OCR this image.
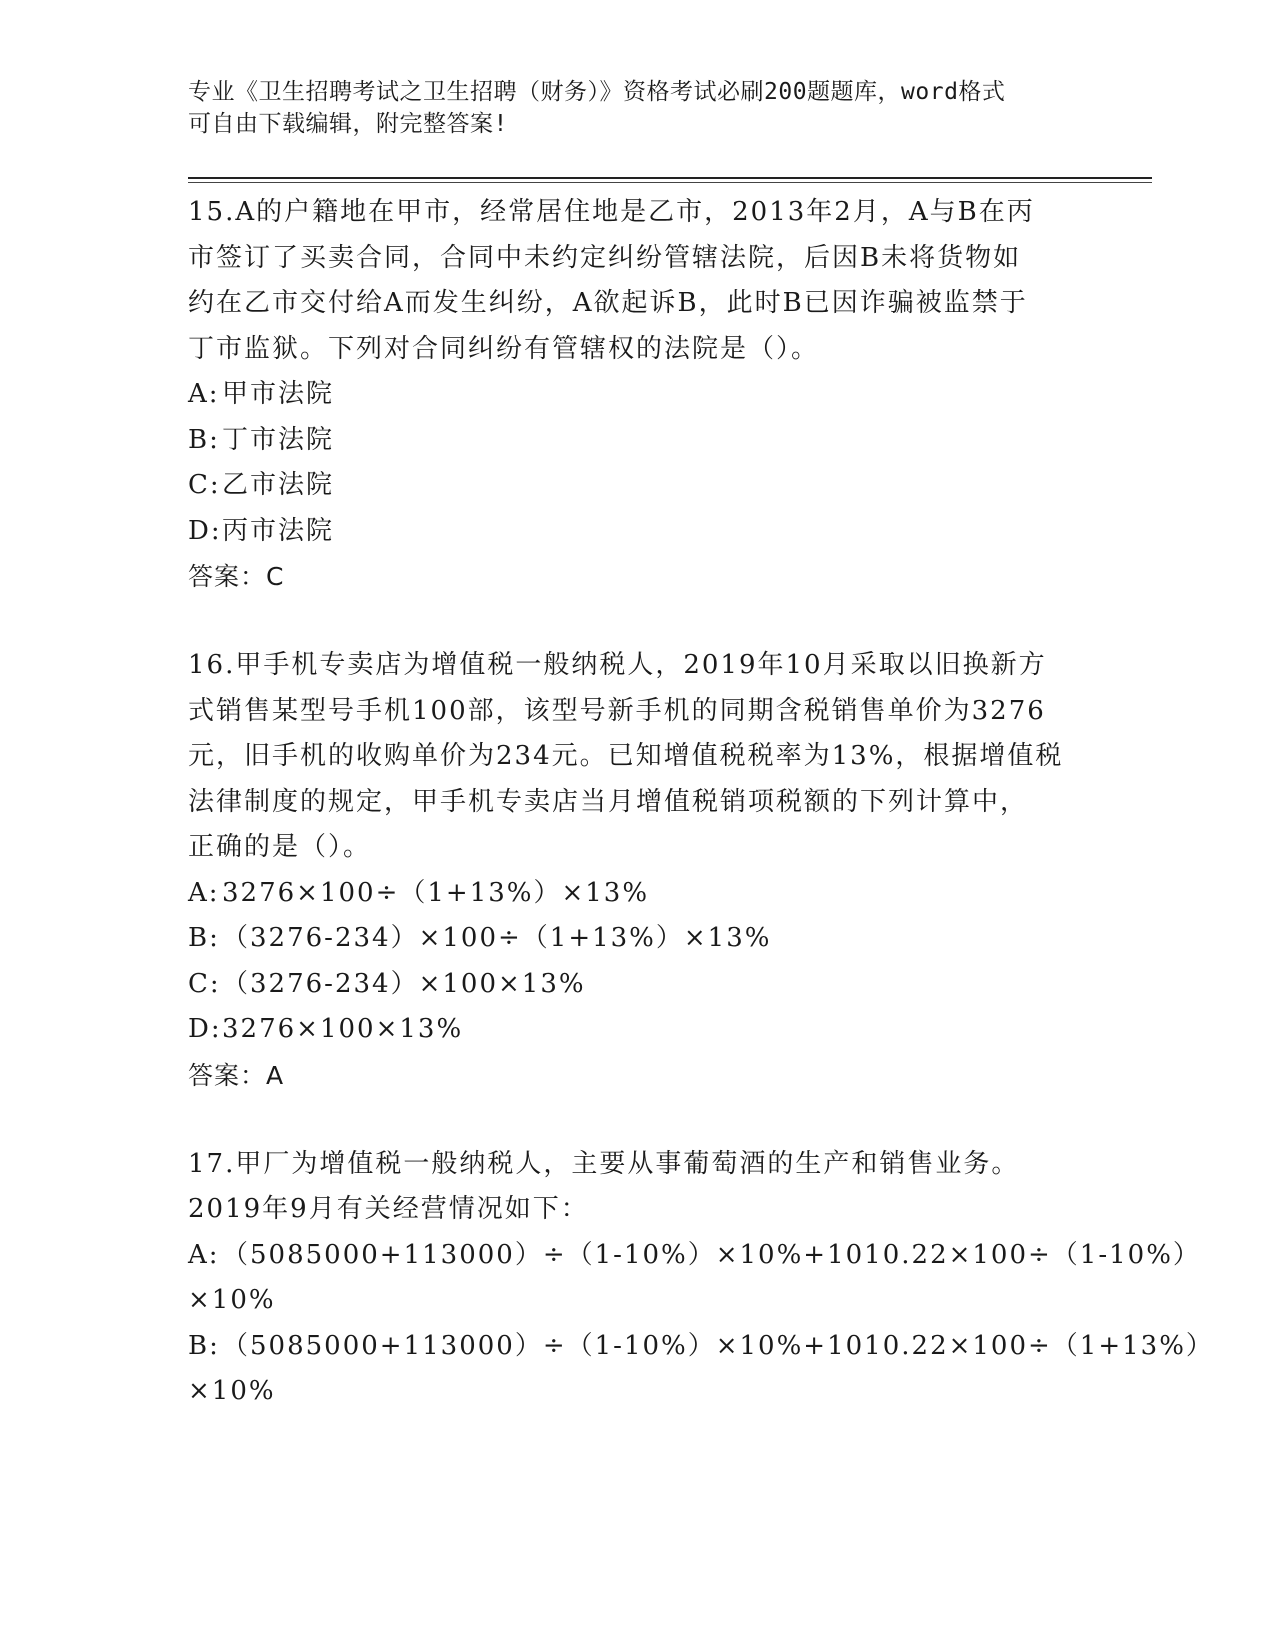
专业《卫生招聘考试之卫生招聘（财务）》资格考试必刷200题题库，word格式
可自由下载编辑，附完整答案!
15.A的户籍地在甲市，经常居住地是乙市，2013年2月，A与B在丙
市签订了买卖合同，合同中未约定纠纷管辖法院，后因B未将货物如
约在乙市交付给A而发生纠纷，A欲起诉B，此时B已因诈骗被监禁于
丁市监狱。下列对合同纠纷有管辖权的法院是（）。
A:甲市法院
B:丁市法院
C:乙市法院
D:丙市法院
答案：C
16.甲手机专卖店为增值税一般纳税人，2019年10月采取以旧换新方
式销售某型号手机100部，该型号新手机的同期含税销售单价为3276
元，旧手机的收购单价为234元。已知增值税税率为13%，根据增值税
法律制度的规定，甲手机专卖店当月增值税销项税额的下列计算中，
正确的是（）。
A:3276×100÷（1+13%）×13%
B:（3276-234）×100÷（1+13%）×13%
C:（3276-234）×100×13%
D:3276×100×13%
答案：A
17.甲厂为增值税一般纳税人，主要从事葡萄酒的生产和销售业务。
2019年9月有关经营情况如下：
A:（5085000+113000）÷（1-10%）×10%+1010.22×100÷（1-10%）
×10%
B:（5085000+113000）÷（1-10%）×10%+1010.22×100÷（1+13%）
×10%
